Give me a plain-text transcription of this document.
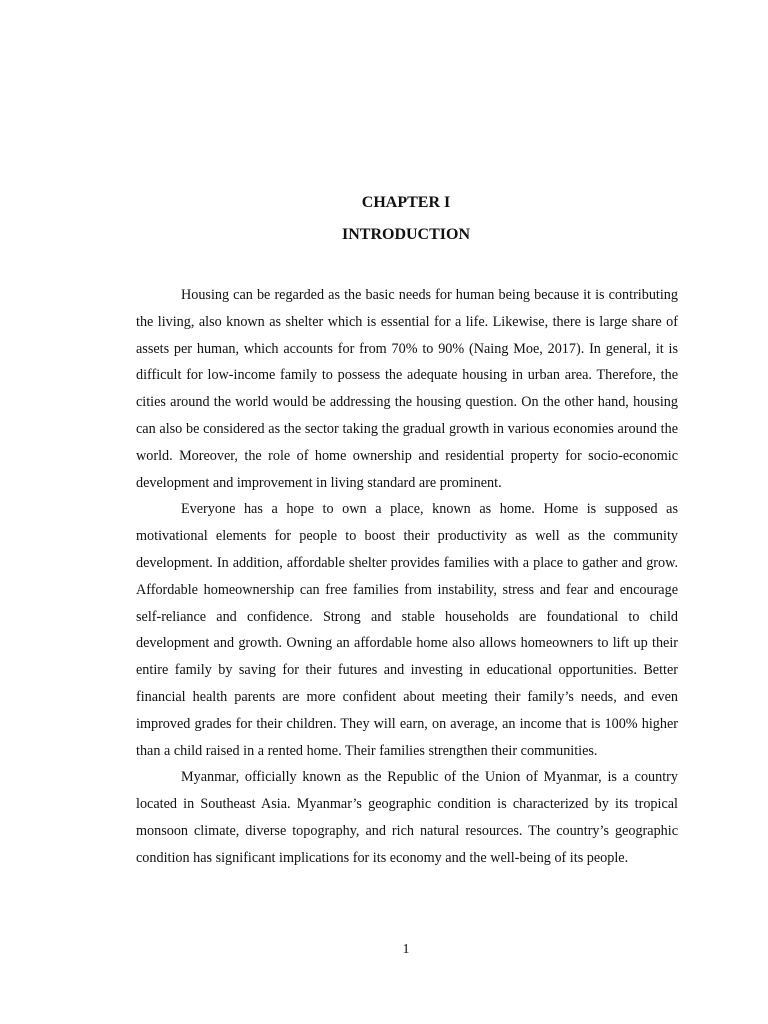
CHAPTER I
INTRODUCTION

Housing can be regarded as the basic needs for human being because it is contributing the living, also known as shelter which is essential for a life. Likewise, there is large share of assets per human, which accounts for from 70% to 90% (Naing Moe, 2017). In general, it is difficult for low-income family to possess the adequate housing in urban area. Therefore, the cities around the world would be addressing the housing question. On the other hand, housing can also be considered as the sector taking the gradual growth in various economies around the world. Moreover, the role of home ownership and residential property for socio-economic development and improvement in living standard are prominent.

Everyone has a hope to own a place, known as home. Home is supposed as motivational elements for people to boost their productivity as well as the community development. In addition, affordable shelter provides families with a place to gather and grow. Affordable homeownership can free families from instability, stress and fear and encourage self-reliance and confidence. Strong and stable households are foundational to child development and growth. Owning an affordable home also allows homeowners to lift up their entire family by saving for their futures and investing in educational opportunities. Better financial health parents are more confident about meeting their family’s needs, and even improved grades for their children. They will earn, on average, an income that is 100% higher than a child raised in a rented home. Their families strengthen their communities.

Myanmar, officially known as the Republic of the Union of Myanmar, is a country located in Southeast Asia. Myanmar’s geographic condition is characterized by its tropical monsoon climate, diverse topography, and rich natural resources. The country’s geographic condition has significant implications for its economy and the well-being of its people.

1
